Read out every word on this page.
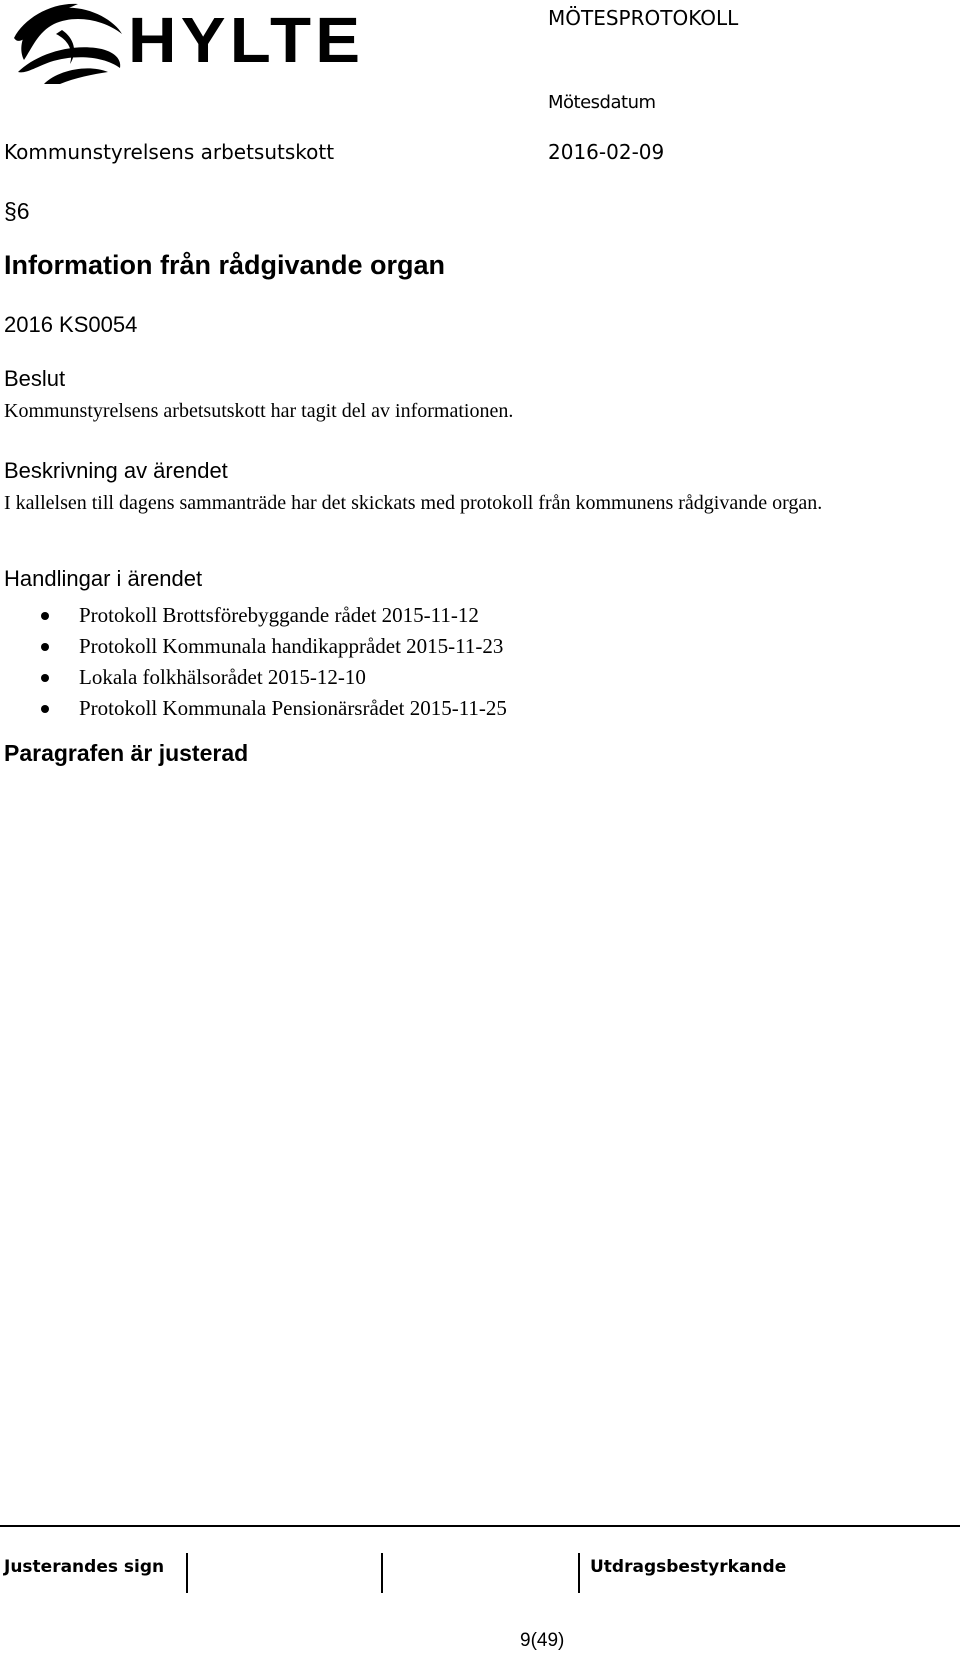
HYLTE	MÖTESPROTOKOLL
Mötesdatum
Kommunstyrelsens arbetsutskott	2016-02-09
§6
Information från rådgivande organ
2016 KS0054
Beslut
Kommunstyrelsens arbetsutskott har tagit del av informationen.
Beskrivning av ärendet
I kallelsen till dagens sammanträde har det skickats med protokoll från kommunens rådgivande organ.
Handlingar i ärendet
Protokoll Brottsförebyggande rådet 2015-11-12
Protokoll Kommunala handikapprådet 2015-11-23
Lokala folkhälsorådet 2015-12-10
Protokoll Kommunala Pensionärsrådet 2015-11-25
Paragrafen är justerad
Justerandes sign	Utdragsbestyrkande
9(49)
